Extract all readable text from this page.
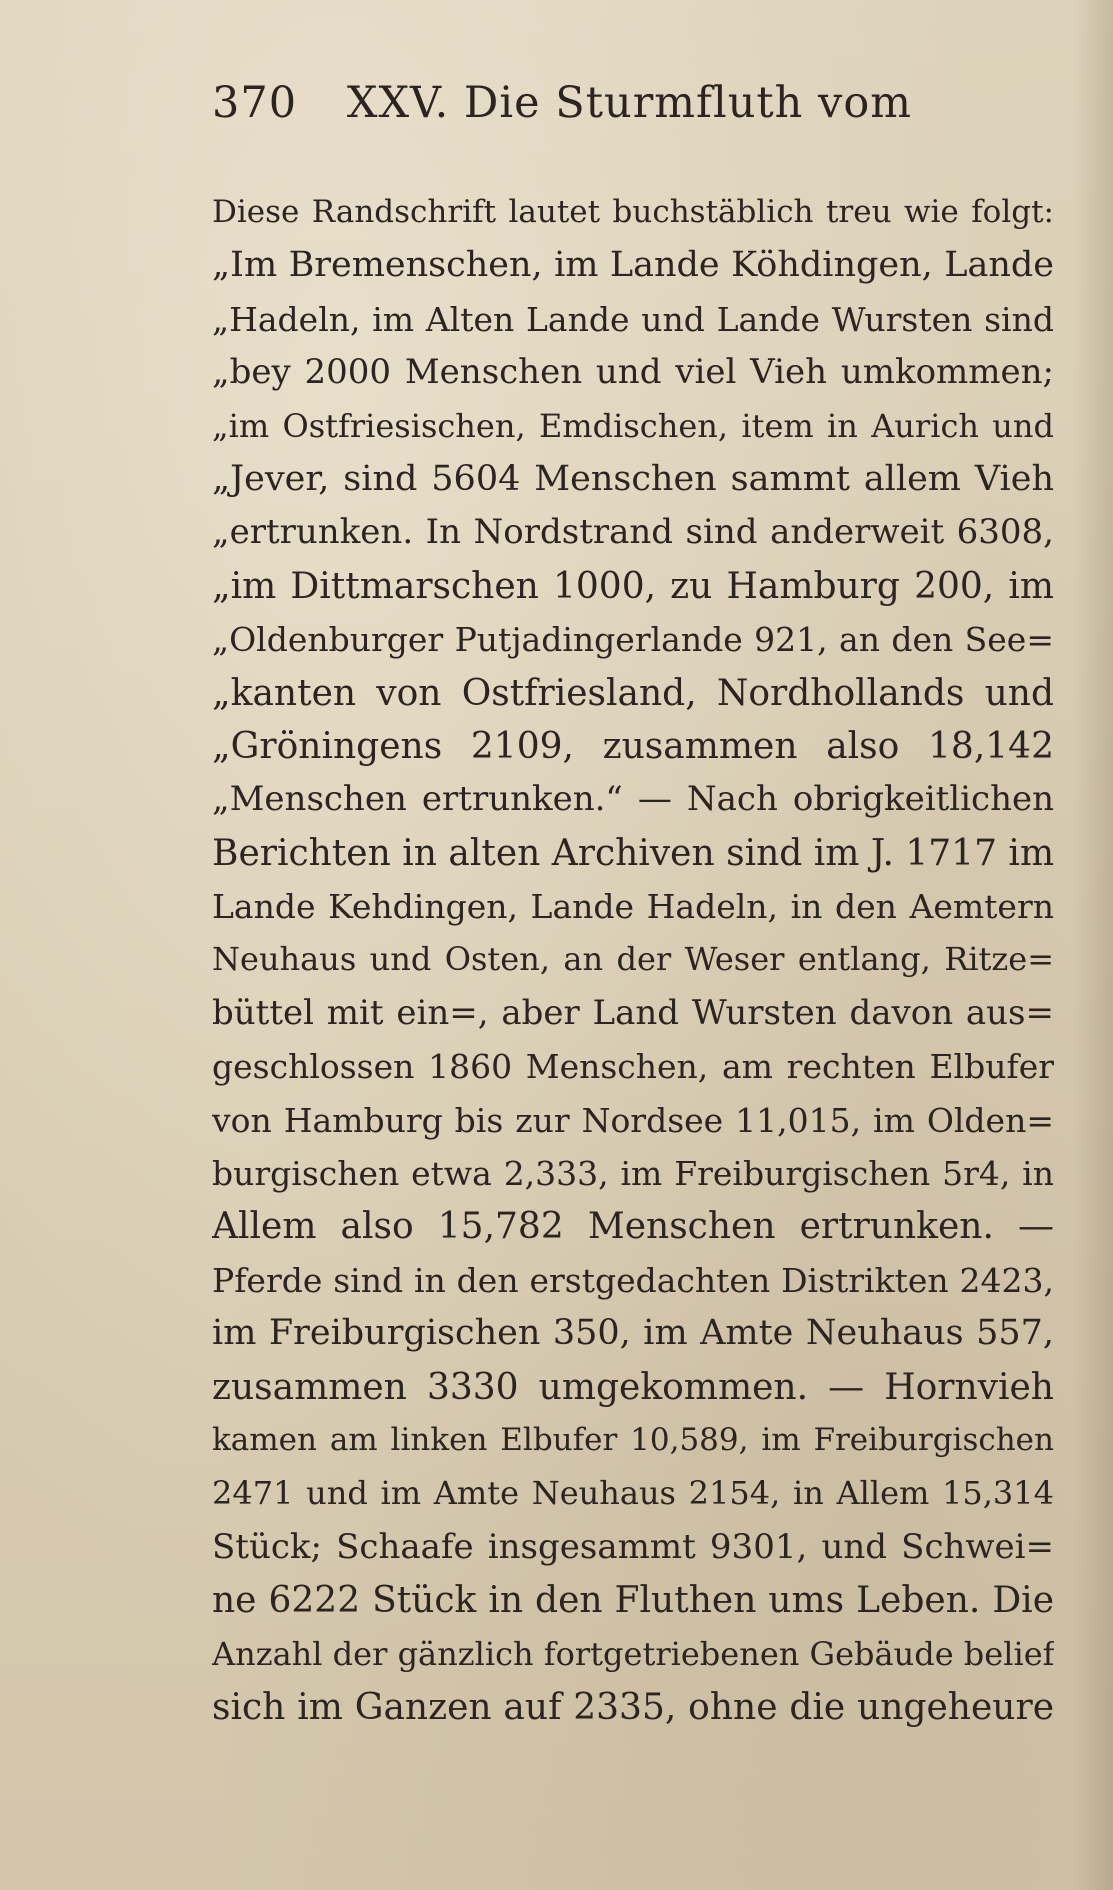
370	XXV. Die Sturmfluth vom
Diese Randschrift lautet buchstäblich treu wie folgt:
„Im Bremenschen, im Lande Köhdingen, Lande
„Hadeln, im Alten Lande und Lande Wursten sind
„bey 2000 Menschen und viel Vieh umkommen;
„im Ostfriesischen, Emdischen, item in Aurich und
„Jever, sind 5604 Menschen sammt allem Vieh
„ertrunken. In Nordstrand sind anderweit 6308,
„im Dittmarschen 1000, zu Hamburg 200, im
„Oldenburger Putjadingerlande 921, an den See=
„kanten von Ostfriesland, Nordhollands und
„Gröningens 2109, zusammen also 18,142
„Menschen ertrunken.“ — Nach obrigkeitlichen
Berichten in alten Archiven sind im J. 1717 im
Lande Kehdingen, Lande Hadeln, in den Aemtern
Neuhaus und Osten, an der Weser entlang, Ritze=
büttel mit ein=, aber Land Wursten davon aus=
geschlossen 1860 Menschen, am rechten Elbufer
von Hamburg bis zur Nordsee 11,015, im Olden=
burgischen etwa 2,333, im Freiburgischen 5r4, in
Allem also 15,782 Menschen ertrunken. —
Pferde sind in den erstgedachten Distrikten 2423,
im Freiburgischen 350, im Amte Neuhaus 557,
zusammen 3330 umgekommen. — Hornvieh
kamen am linken Elbufer 10,589, im Freiburgischen
2471 und im Amte Neuhaus 2154, in Allem 15,314
Stück; Schaafe insgesammt 9301, und Schwei=
ne 6222 Stück in den Fluthen ums Leben. Die
Anzahl der gänzlich fortgetriebenen Gebäude belief
sich im Ganzen auf 2335, ohne die ungeheure
